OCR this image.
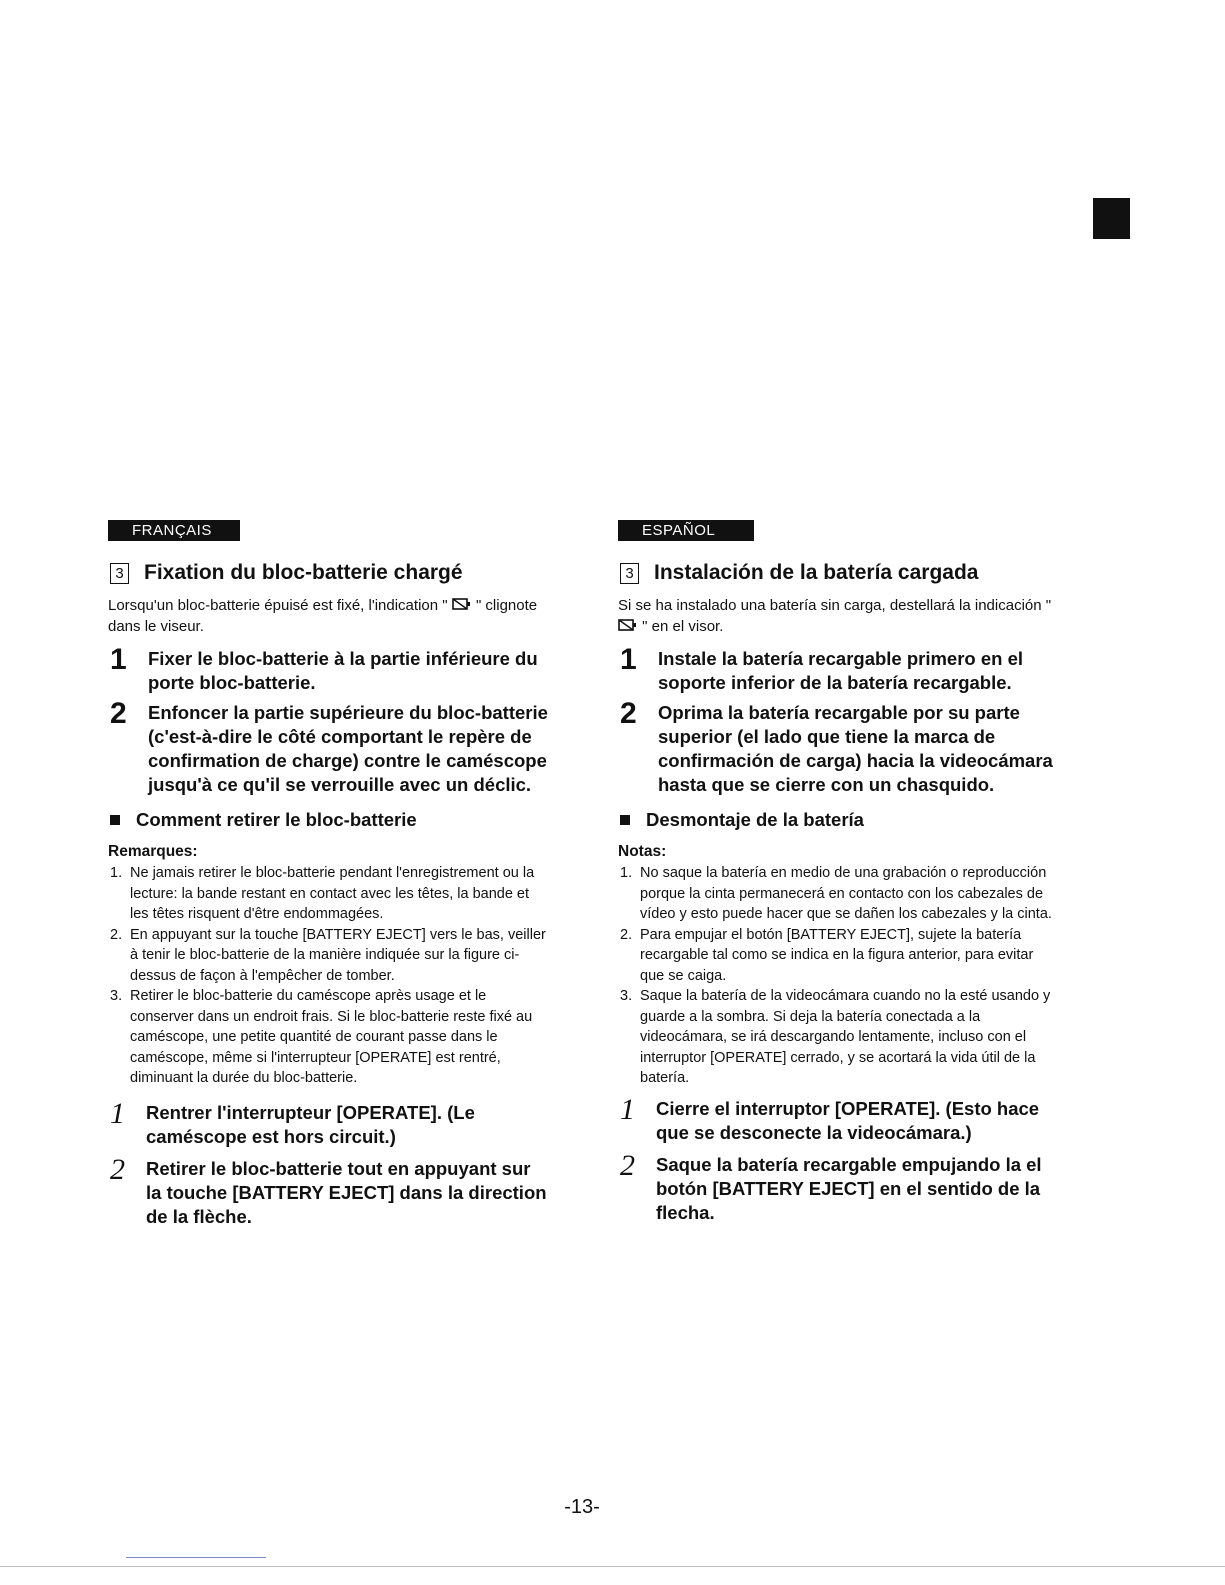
FRANÇAIS
3 Fixation du bloc-batterie chargé

Lorsqu'un bloc-batterie épuisé est fixé, l'indication " " clignote dans le viseur.

1	Fixer le bloc-batterie à la partie inférieure du porte bloc-batterie.
2	Enfoncer la partie supérieure du bloc-batterie (c'est-à-dire le côté comportant le repère de confirmation de charge) contre le caméscope jusqu'à ce qu'il se verrouille avec un déclic.
Comment retirer le bloc-batterie
Remarques:
1. Ne jamais retirer le bloc-batterie pendant l'enregistrement ou la lecture: la bande restant en contact avec les têtes, la bande et les têtes risquent d'être endommagées.
2. En appuyant sur la touche [BATTERY EJECT] vers le bas, veiller à tenir le bloc-batterie de la manière indiquée sur la figure ci-dessus de façon à l'empêcher de tomber.
3. Retirer le bloc-batterie du caméscope après usage et le conserver dans un endroit frais. Si le bloc-batterie reste fixé au caméscope, une petite quantité de courant passe dans le caméscope, même si l'interrupteur [OPERATE] est rentré, diminuant la durée du bloc-batterie.
1	Rentrer l'interrupteur [OPERATE]. (Le caméscope est hors circuit.)
2	Retirer le bloc-batterie tout en appuyant sur la touche [BATTERY EJECT] dans la direction de la flèche.
ESPAÑOL
3 Instalación de la batería cargada

Si se ha instalado una batería sin carga, destellará la indicación "  " en el visor.

1	Instale la batería recargable primero en el soporte inferior de la batería recargable.
2	Oprima la batería recargable por su parte superior (el lado que tiene la marca de confirmación de carga) hacia la videocámara hasta que se cierre con un chasquido.
Desmontaje de la batería
Notas:
1. No saque la batería en medio de una grabación o reproducción porque la cinta permanecerá en contacto con los cabezales de vídeo y esto puede hacer que se dañen los cabezales y la cinta.
2. Para empujar el botón [BATTERY EJECT], sujete la batería recargable tal como se indica en la figura anterior, para evitar que se caiga.
3. Saque la batería de la videocámara cuando no la esté usando y guarde a la sombra. Si deja la batería conectada a la videocámara, se irá descargando lentamente, incluso con el interruptor [OPERATE] cerrado, y se acortará la vida útil de la batería.
1	Cierre el interruptor [OPERATE]. (Esto hace que se desconecte la videocámara.)
2	Saque la batería recargable empujando la el botón [BATTERY EJECT] en el sentido de la flecha.
-13-
